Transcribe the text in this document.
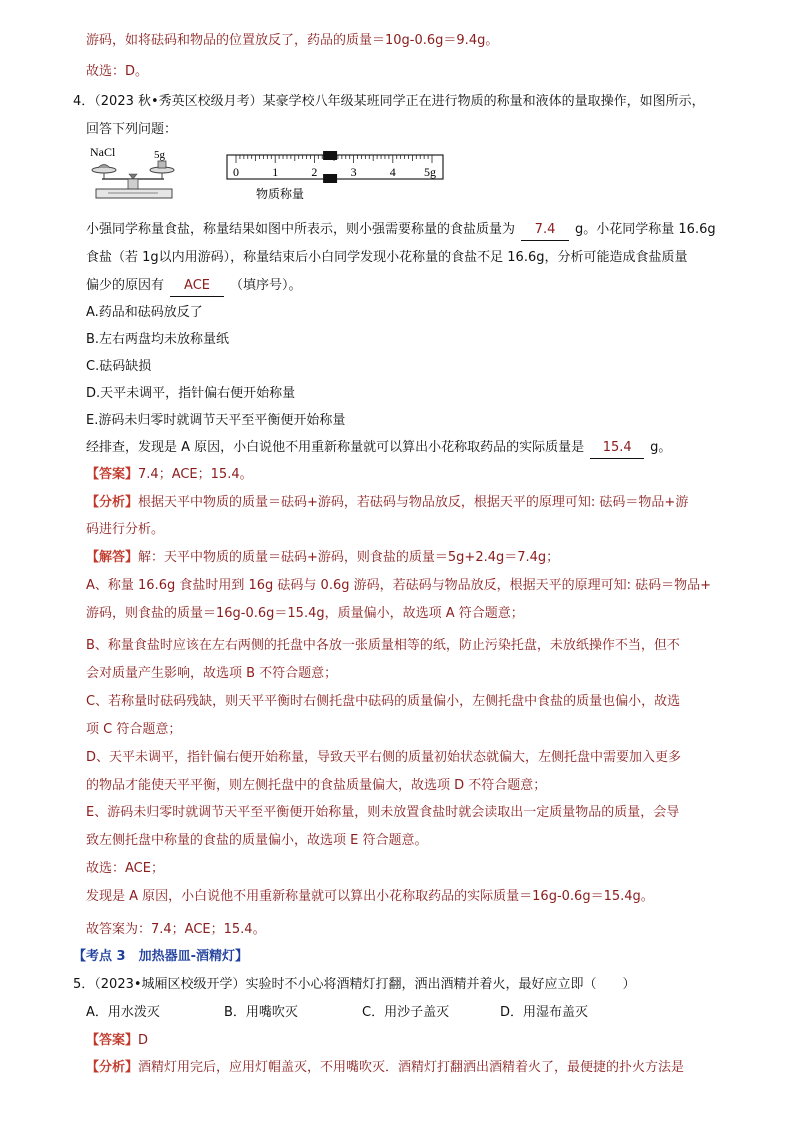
游码，如将砝码和物品的位置放反了，药品的质量＝10g-0.6g＝9.4g。
故选：D。
4．（2023 秋•秀英区校级月考）某豪学校八年级某班同学正在进行物质的称量和液体的量取操作，如图所示，
回答下列问题：
NaCl	5g
0	1	2	3	4 5g
物质称量
小强同学称量食盐，称量结果如图中所表示，则小强需要称量的食盐质量为 7.4 g。小花同学称量 16.6g
食盐（若 1g以内用游码），称量结束后小白同学发现小花称量的食盐不足 16.6g，分析可能造成食盐质量
偏少的原因有 ACE （填序号）。
A.药品和砝码放反了
B.左右两盘均未放称量纸
C.砝码缺损
D.天平未调平，指针偏右便开始称量
E.游码未归零时就调节天平至平衡便开始称量
经排查，发现是 A 原因，小白说他不用重新称量就可以算出小花称取药品的实际质量是 15.4 g。
【答案】7.4；ACE；15.4。
【分析】根据天平中物质的质量＝砝码+游码，若砝码与物品放反，根据天平的原理可知: 砝码＝物品+游
码进行分析。
【解答】解：天平中物质的质量＝砝码+游码，则食盐的质量＝5g+2.4g＝7.4g；
A、称量 16.6g 食盐时用到 16g 砝码与 0.6g 游码，若砝码与物品放反，根据天平的原理可知: 砝码＝物品+
游码，则食盐的质量＝16g-0.6g＝15.4g，质量偏小，故选项 A 符合题意；
B、称量食盐时应该在左右两侧的托盘中各放一张质量相等的纸，防止污染托盘，未放纸操作不当，但不
会对质量产生影响，故选项 B 不符合题意；
C、若称量时砝码残缺，则天平平衡时右侧托盘中砝码的质量偏小，左侧托盘中食盐的质量也偏小，故选
项 C 符合题意；
D、天平未调平，指针偏右便开始称量，导致天平右侧的质量初始状态就偏大，左侧托盘中需要加入更多
的物品才能使天平平衡，则左侧托盘中的食盐质量偏大，故选项 D 不符合题意；
E、游码未归零时就调节天平至平衡便开始称量，则未放置食盐时就会读取出一定质量物品的质量，会导
致左侧托盘中称量的食盐的质量偏小，故选项 E 符合题意。
故选：ACE；
发现是 A 原因，小白说他不用重新称量就可以算出小花称取药品的实际质量＝16g-0.6g＝15.4g。
故答案为：7.4；ACE；15.4。
【考点 3　加热器皿-酒精灯】
5．（2023•城厢区校级开学）实验时不小心将酒精灯打翻，洒出酒精并着火，最好应立即（　　）
A．用水泼灭	B．用嘴吹灭	C．用沙子盖灭	D．用湿布盖灭
【答案】D
【分析】酒精灯用完后，应用灯帽盖灭，不用嘴吹灭．酒精灯打翻洒出酒精着火了，最便捷的扑火方法是
